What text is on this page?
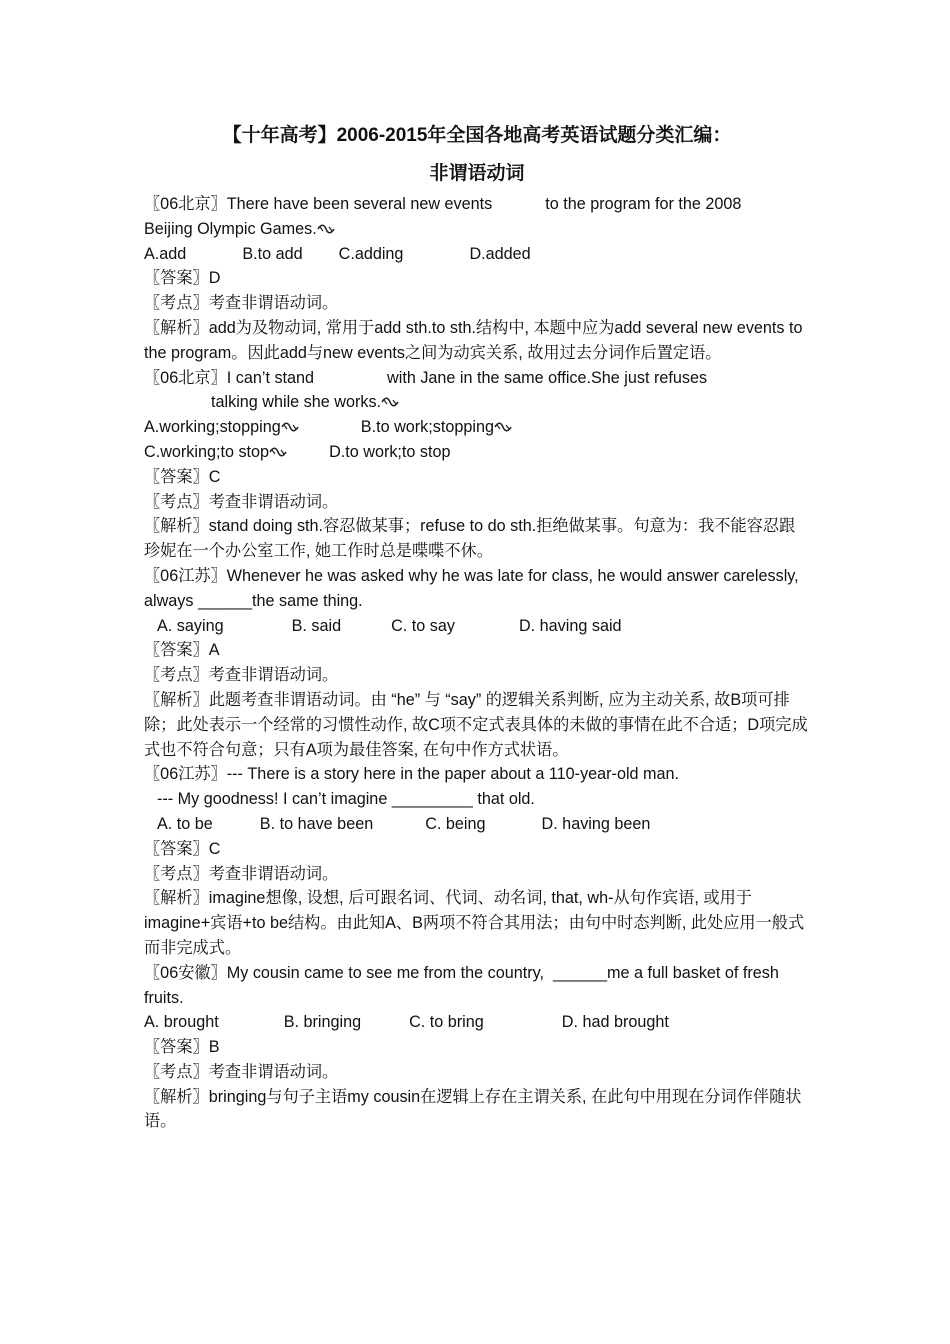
【十年高考】2006-2015年全国各地高考英语试题分类汇编：

非谓语动词

〖06北京〗There have been several new events	to the program for the 2008

Beijing Olympic Games.

A.add	B.to add C.adding	D.added

〖答案〗D

〖考点〗考查非谓语动词。

〖解析〗add为及物动词, 常用于add sth.to sth.结构中, 本题中应为add several new events to the program。因此add与new events之间为动宾关系, 故用过去分词作后置定语。

〖06北京〗I can’t stand	with Jane in the same office.She just refuses

talking while she works.

A.working;stopping	B.to work;stopping

C.working;to stop	D.to work;to stop

〖答案〗C

〖考点〗考查非谓语动词。

〖解析〗stand doing sth.容忍做某事；refuse to do sth.拒绝做某事。句意为：我不能容忍跟珍妮在一个办公室工作, 她工作时总是喋喋不休。

〖06江苏〗Whenever he was asked why he was late for class, he would answer carelessly, always ______the same thing.

A. saying	B. said	C. to say	D. having said

〖答案〗A

〖考点〗考查非谓语动词。

〖解析〗此题考查非谓语动词。由 “he” 与 “say” 的逻辑关系判断, 应为主动关系, 故B项可排除；此处表示一个经常的习惯性动作, 故C项不定式表具体的未做的事情在此不合适；D项完成式也不符合句意；只有A项为最佳答案, 在句中作方式状语。

〖06江苏〗--- There is a story here in the paper about a 110-year-old man.

--- My goodness! I can’t imagine _________ that old.

A. to be	B. to have been	C. being	D. having been

〖答案〗C

〖考点〗考查非谓语动词。

〖解析〗imagine想像, 设想, 后可跟名词、代词、动名词, that, wh-从句作宾语, 或用于imagine+宾语+to be结构。由此知A、B两项不符合其用法；由句中时态判断, 此处应用一般式而非完成式。

〖06安徽〗My cousin came to see me from the country,  ______me a full basket of fresh fruits.

A. brought	B. bringing	C. to bring	D. had brought

〖答案〗B

〖考点〗考查非谓语动词。

〖解析〗bringing与句子主语my cousin在逻辑上存在主谓关系, 在此句中用现在分词作伴随状语。
